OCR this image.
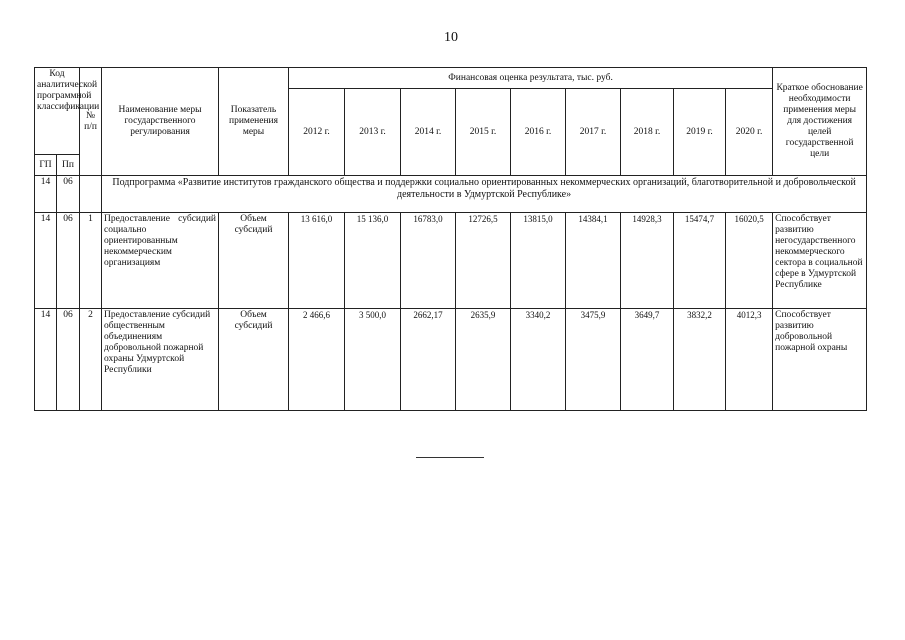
10
Код аналитической программной классификации		№ п/п	Наименование меры государственного регулирования	Показатель применения меры	Финансовая оценка результата, тыс. руб.									Краткое обоснование необходимости применения меры для достижения целей государственной цели
					2012 г.	2013 г.	2014 г.	2015 г.	2016 г.	2017 г.	2018 г.	2019 г.	2020 г.	
ГП	Пп													
14	06		Подпрограмма «Развитие институтов гражданского общества и поддержки социально ориентированных некоммерческих организаций, благотворительной и добровольческой деятельности в Удмуртской Республике»											
14	06	1	Предоставление субсидий социально ориентированным некоммерческим организациям	Объем субсидий	13 616,0	15 136,0	16783,0	12726,5	13815,0	14384,1	14928,3	15474,7	16020,5	Способствует развитию негосударственного некоммерческого сектора в социальной сфере в Удмуртской Республике
14	06	2	Предоставление субсидий общественным объединениям добровольной пожарной охраны Удмуртской Республики	Объем субсидий	2 466,6	3 500,0	2662,17	2635,9	3340,2	3475,9	3649,7	3832,2	4012,3	Способствует развитию добровольной пожарной охраны
